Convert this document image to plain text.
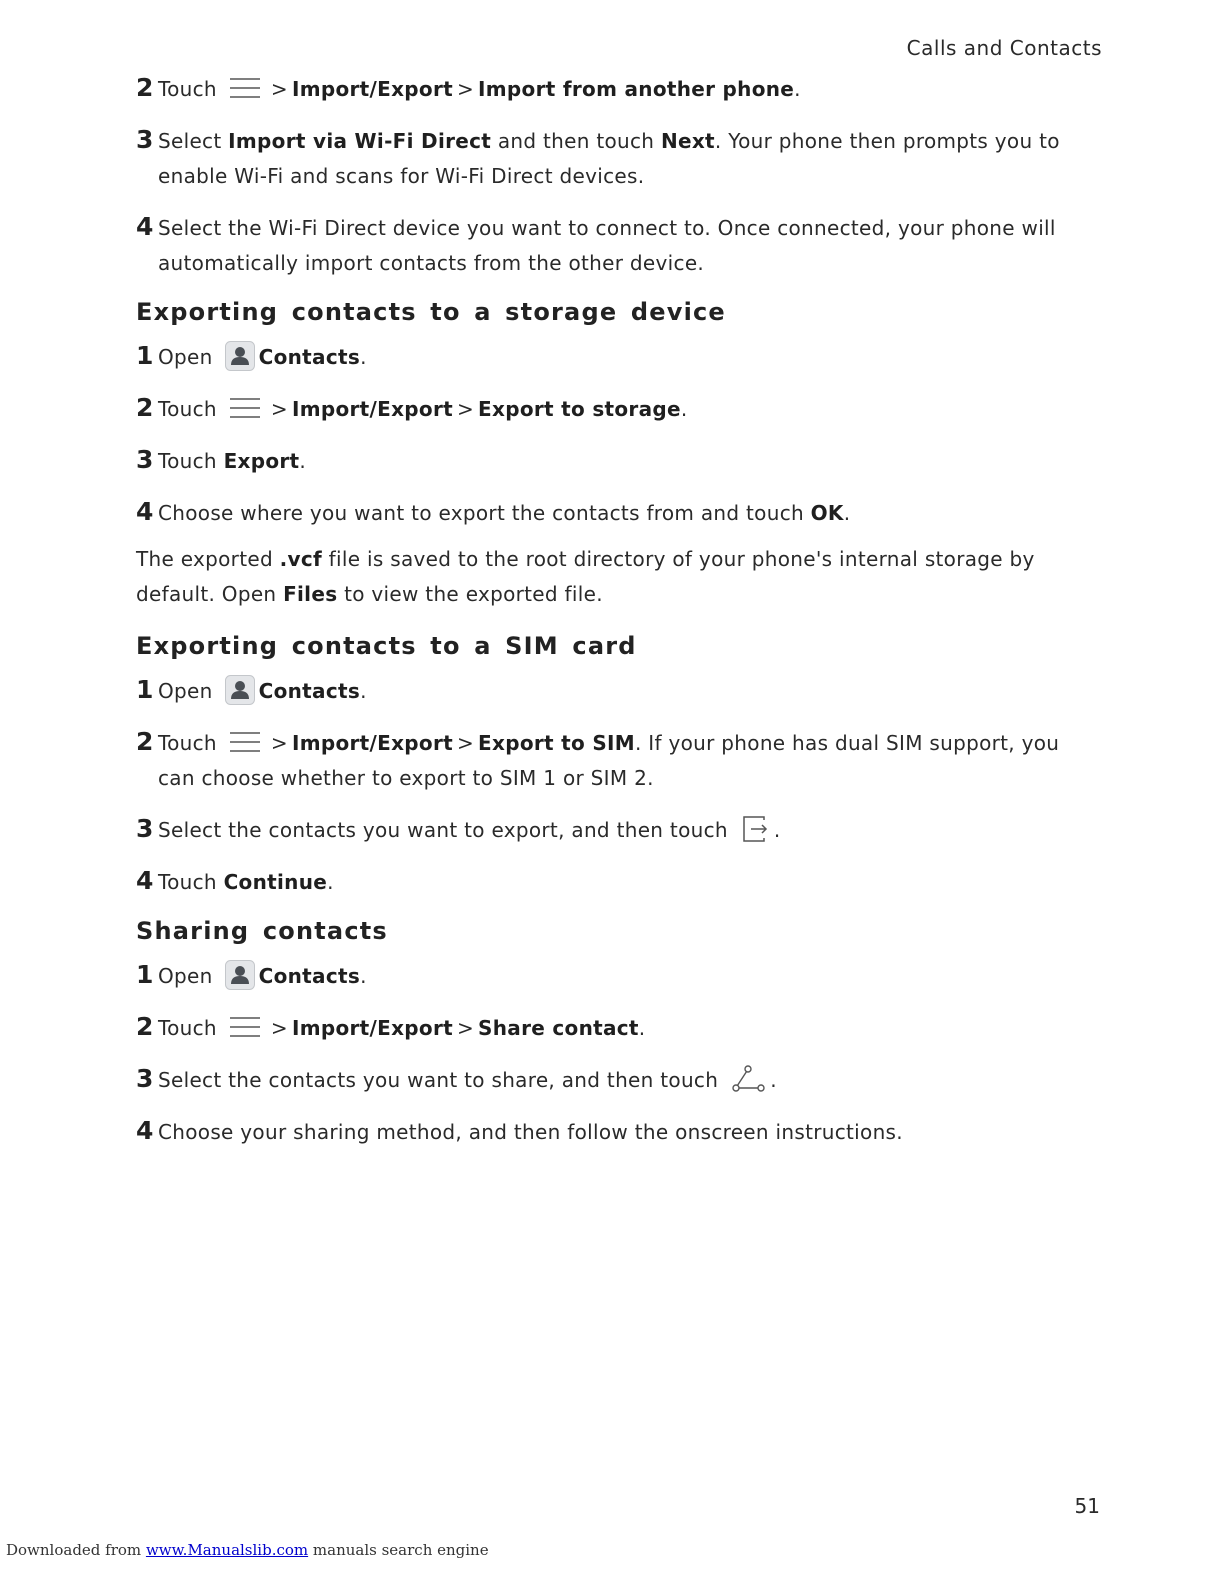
Calls and Contacts
2 Touch	> Import/Export > Import from another phone.
3 Select Import via Wi-Fi Direct and then touch Next. Your phone then prompts you to enable Wi-Fi and scans for Wi-Fi Direct devices.
4 Select the Wi-Fi Direct device you want to connect to. Once connected, your phone will automatically import contacts from the other device.
Exporting contacts to a storage device
1 Open Contacts.
2 Touch	> Import/Export > Export to storage.
3 Touch Export.
4 Choose where you want to export the contacts from and touch OK.
The exported .vcf file is saved to the root directory of your phone's internal storage by default. Open Files to view the exported file.
Exporting contacts to a SIM card
1 Open Contacts.
2 Touch	> Import/Export > Export to SIM. If your phone has dual SIM support, you can choose whether to export to SIM 1 or SIM 2.
3 Select the contacts you want to export, and then touch .
4 Touch Continue.
Sharing contacts
1 Open Contacts.
2 Touch	> Import/Export > Share contact.
3 Select the contacts you want to share, and then touch	.
4 Choose your sharing method, and then follow the onscreen instructions.
51
Downloaded from www.Manualslib.com manuals search engine
